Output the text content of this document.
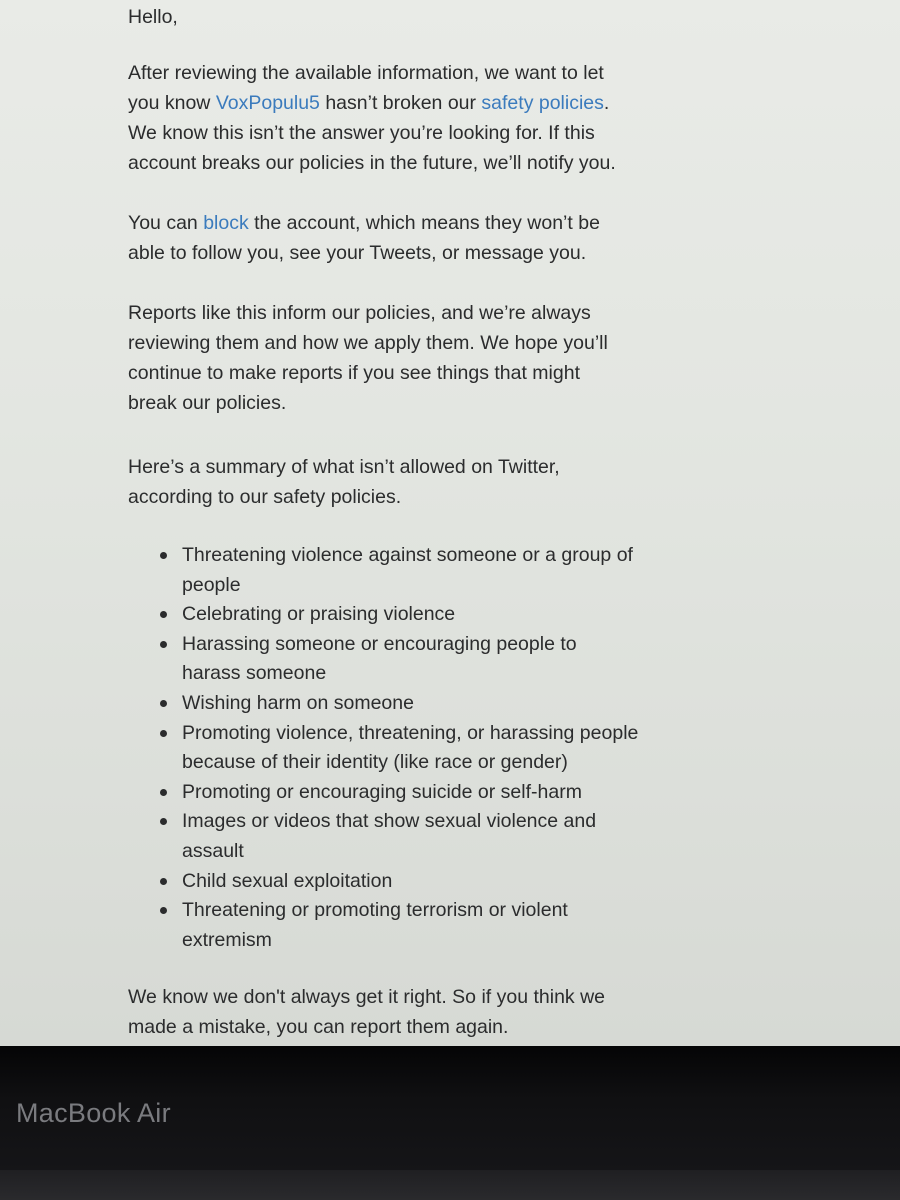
Hello,

After reviewing the available information, we want to let
you know VoxPopulu5 hasn’t broken our safety policies.
We know this isn’t the answer you’re looking for. If this
account breaks our policies in the future, we’ll notify you.
You can block the account, which means they won’t be
able to follow you, see your Tweets, or message you.
Reports like this inform our policies, and we’re always
reviewing them and how we apply them. We hope you’ll
continue to make reports if you see things that might
break our policies.
Here’s a summary of what isn’t allowed on Twitter,
according to our safety policies.
Threatening violence against someone or a group of
people
Celebrating or praising violence
Harassing someone or encouraging people to
harass someone
Wishing harm on someone
Promoting violence, threatening, or harassing people
because of their identity (like race or gender)
Promoting or encouraging suicide or self-harm
Images or videos that show sexual violence and
assault
Child sexual exploitation
Threatening or promoting terrorism or violent
extremism
We know we don't always get it right. So if you think we
made a mistake, you can report them again.
MacBook Air
